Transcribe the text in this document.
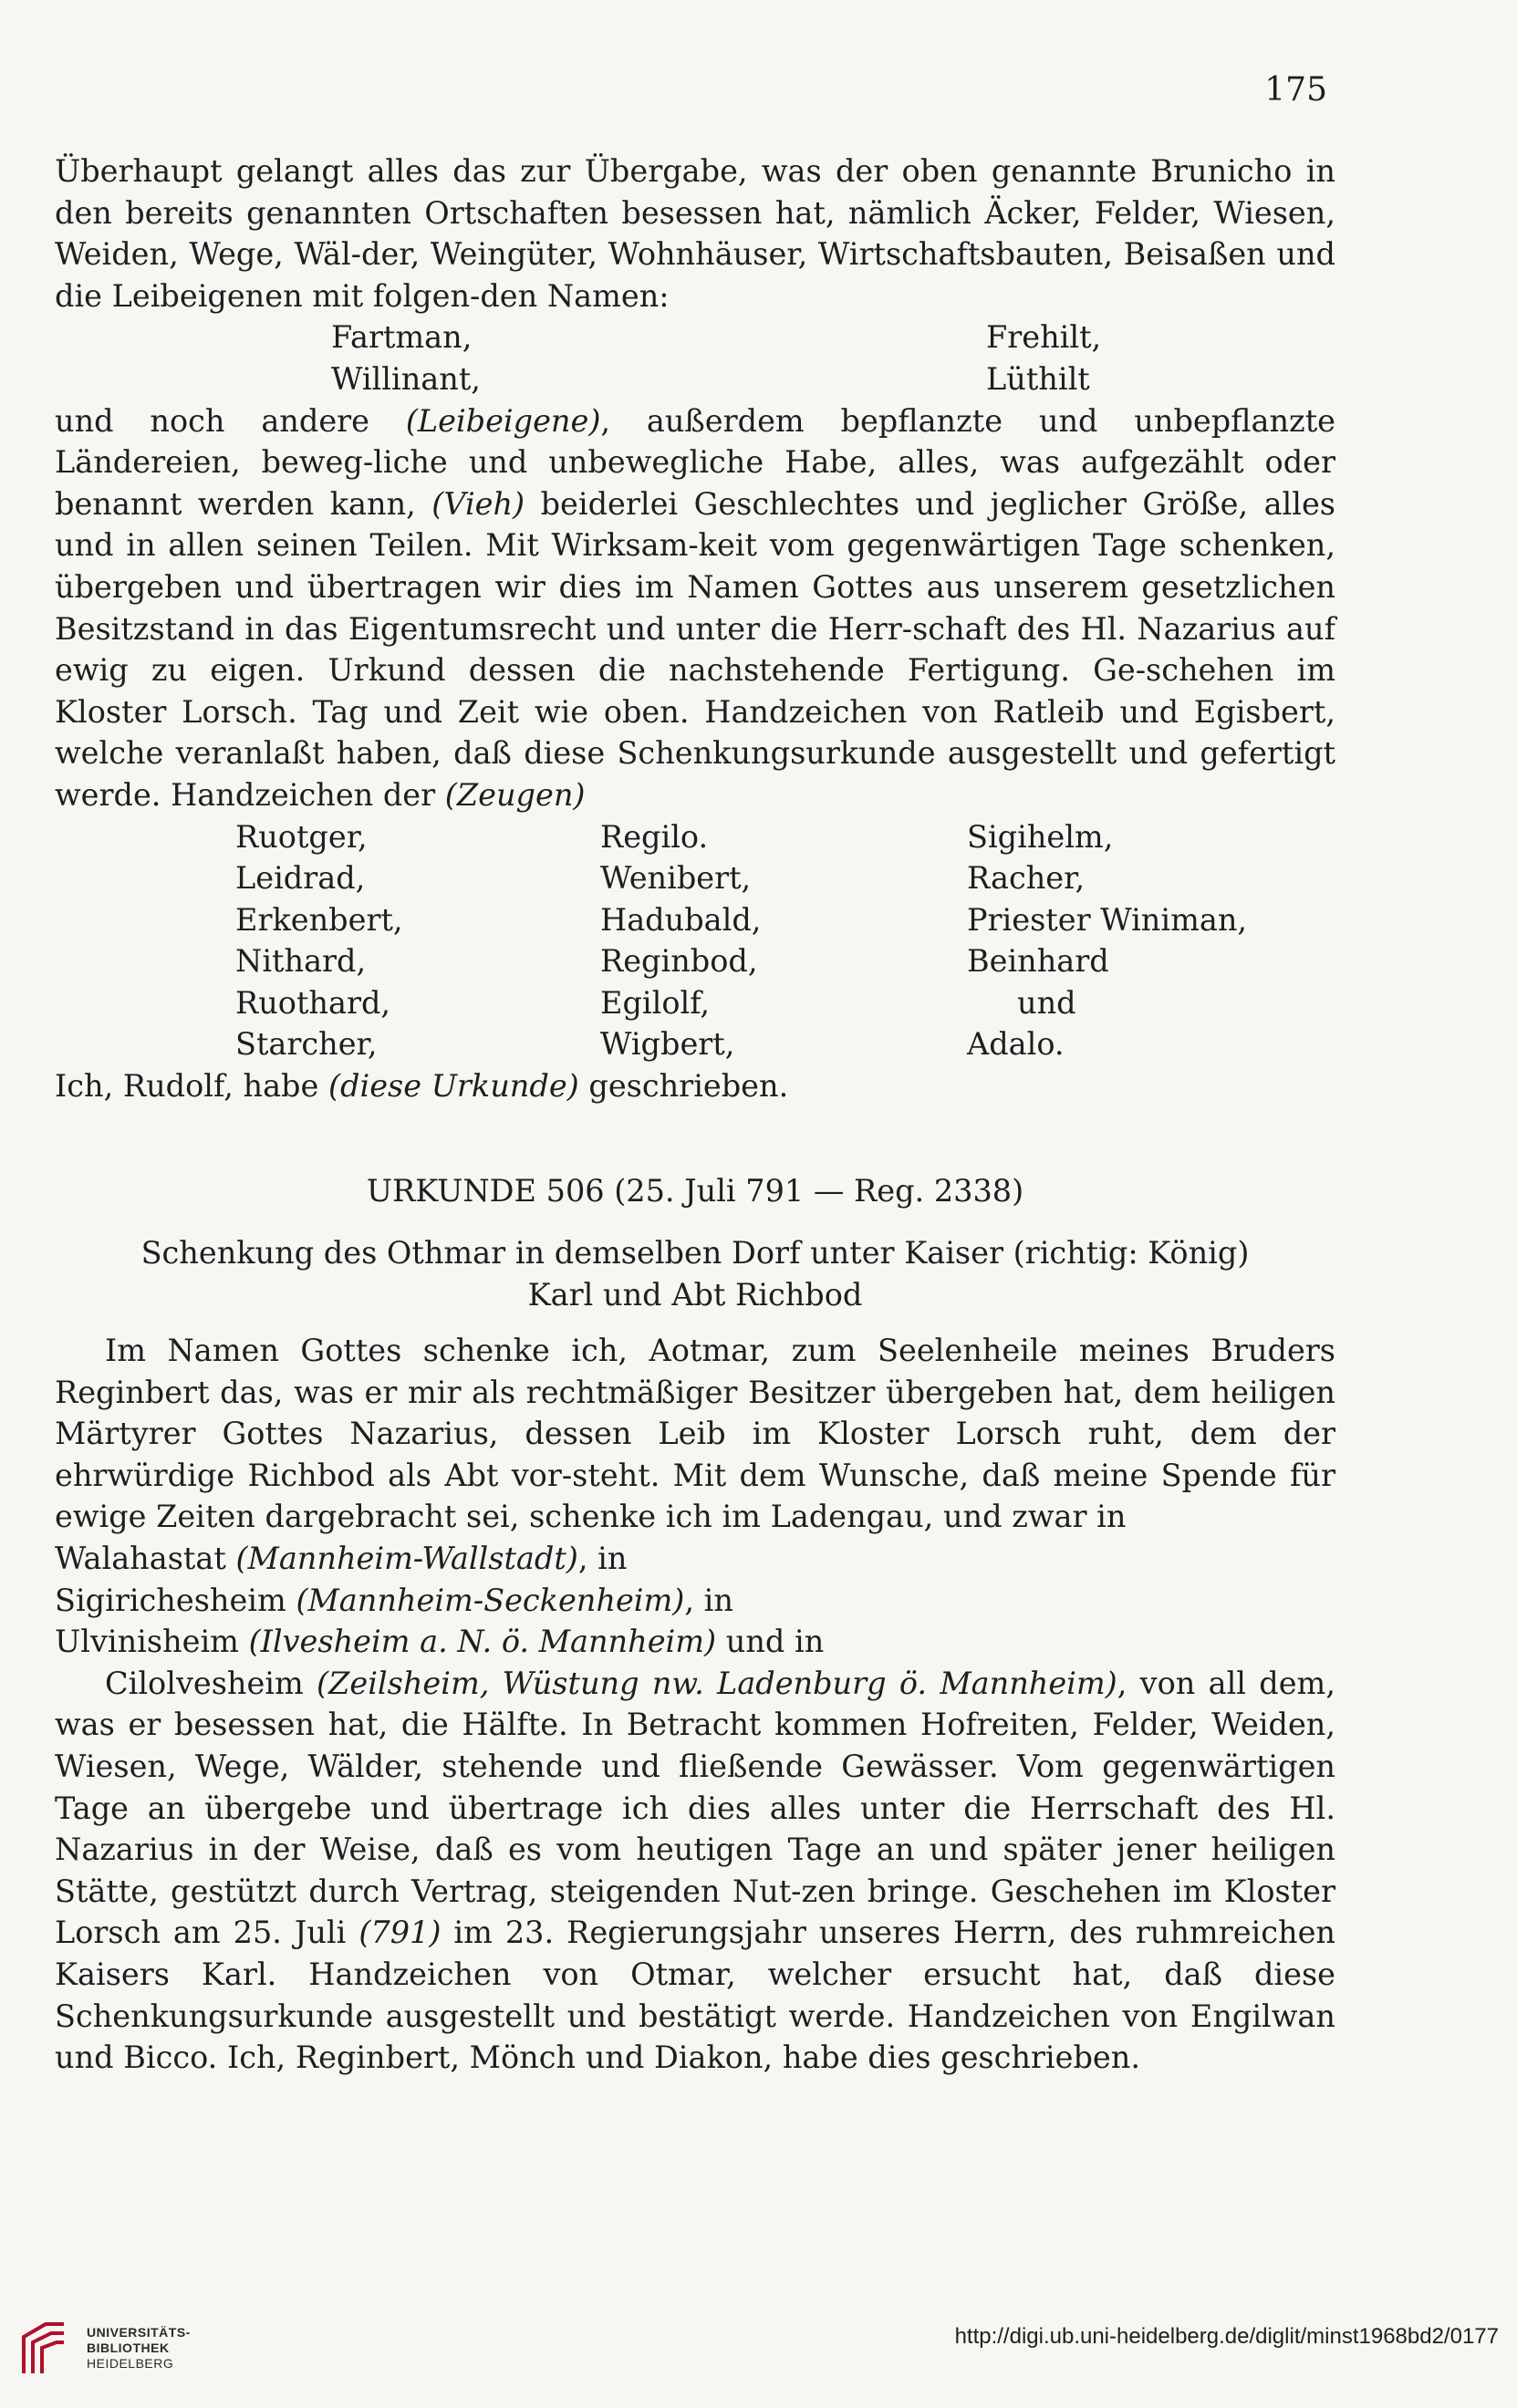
175

Überhaupt gelangt alles das zur Übergabe, was der oben genannte Brunicho in den bereits genannten Ortschaften besessen hat, nämlich Äcker, Felder, Wiesen, Weiden, Wege, Wäl-der, Weingüter, Wohnhäuser, Wirtschaftsbauten, Beisaßen und die Leibeigenen mit folgen-den Namen:

Fartman,	Frehilt,
Willinant,	Lüthilt

und noch andere (Leibeigene), außerdem bepflanzte und unbepflanzte Ländereien, beweg-liche und unbewegliche Habe, alles, was aufgezählt oder benannt werden kann, (Vieh) beiderlei Geschlechtes und jeglicher Größe, alles und in allen seinen Teilen. Mit Wirksam-keit vom gegenwärtigen Tage schenken, übergeben und übertragen wir dies im Namen Gottes aus unserem gesetzlichen Besitzstand in das Eigentumsrecht und unter die Herr-schaft des Hl. Nazarius auf ewig zu eigen. Urkund dessen die nachstehende Fertigung. Ge-schehen im Kloster Lorsch. Tag und Zeit wie oben. Handzeichen von Ratleib und Egisbert, welche veranlaßt haben, daß diese Schenkungsurkunde ausgestellt und gefertigt werde. Handzeichen der (Zeugen)

Ruotger,	Regilo.	Sigihelm,
Leidrad,	Wenibert,	Racher,
Erkenbert,	Hadubald,	Priester Winiman,
Nithard,	Reginbod,	Beinhard
Ruothard,	Egilolf,	und
Starcher,	Wigbert,	Adalo.

Ich, Rudolf, habe (diese Urkunde) geschrieben.

URKUNDE 506 (25. Juli 791 — Reg. 2338)
Schenkung des Othmar in demselben Dorf unter Kaiser (richtig: König)
Karl und Abt Richbod

Im Namen Gottes schenke ich, Aotmar, zum Seelenheile meines Bruders Reginbert das, was er mir als rechtmäßiger Besitzer übergeben hat, dem heiligen Märtyrer Gottes Nazarius, dessen Leib im Kloster Lorsch ruht, dem der ehrwürdige Richbod als Abt vor-steht. Mit dem Wunsche, daß meine Spende für ewige Zeiten dargebracht sei, schenke ich im Ladengau, und zwar in

Walahastat (Mannheim-Wallstadt), in

Sigirichesheim (Mannheim-Seckenheim), in

Ulvinisheim (Ilvesheim a. N. ö. Mannheim) und in

Cilolvesheim (Zeilsheim, Wüstung nw. Ladenburg ö. Mannheim), von all dem, was er besessen hat, die Hälfte. In Betracht kommen Hofreiten, Felder, Weiden, Wiesen, Wege, Wälder, stehende und fließende Gewässer. Vom gegenwärtigen Tage an übergebe und übertrage ich dies alles unter die Herrschaft des Hl. Nazarius in der Weise, daß es vom heutigen Tage an und später jener heiligen Stätte, gestützt durch Vertrag, steigenden Nut-zen bringe. Geschehen im Kloster Lorsch am 25. Juli (791) im 23. Regierungsjahr unseres Herrn, des ruhmreichen Kaisers Karl. Handzeichen von Otmar, welcher ersucht hat, daß diese Schenkungsurkunde ausgestellt und bestätigt werde. Handzeichen von Engilwan und Bicco. Ich, Reginbert, Mönch und Diakon, habe dies geschrieben.

UNIVERSITÄTS-
BIBLIOTHEK
HEIDELBERG
http://digi.ub.uni-heidelberg.de/diglit/minst1968bd2/0177
